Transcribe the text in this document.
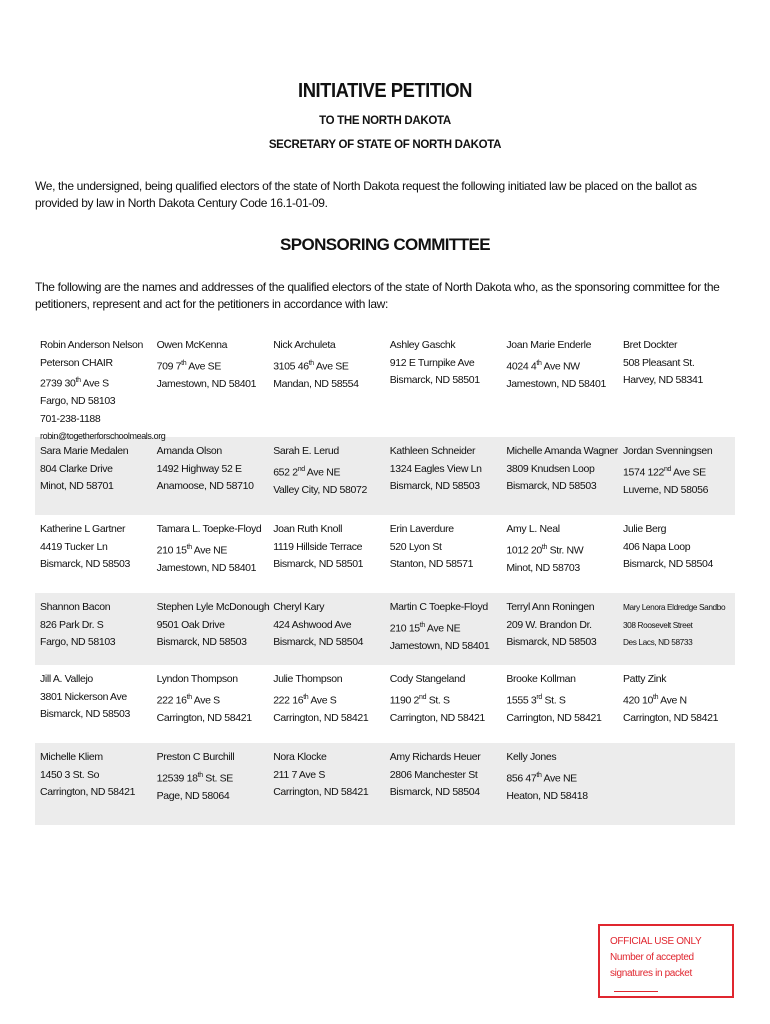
INITIATIVE PETITION
TO THE NORTH DAKOTA
SECRETARY OF STATE OF NORTH DAKOTA
We, the undersigned, being qualified electors of the state of North Dakota request the following initiated law be placed on the ballot as provided by law in North Dakota Century Code 16.1-01-09.
SPONSORING COMMITTEE
The following are the names and addresses of the qualified electors of the state of North Dakota who, as the sponsoring committee for the petitioners, represent and act for the petitioners in accordance with law:
Robin Anderson Nelson
Peterson CHAIR
2739 30th Ave S
Fargo, ND 58103
701-238-1188
robin@togetherforschoolmeals.org
Owen McKenna
709 7th Ave SE
Jamestown, ND 58401
Nick Archuleta
3105 46th Ave SE
Mandan, ND 58554
Ashley Gaschk
912 E Turnpike Ave
Bismarck, ND 58501
Joan Marie Enderle
4024 4th Ave NW
Jamestown, ND 58401
Bret Dockter
508 Pleasant St.
Harvey, ND 58341
Sara Marie Medalen
804 Clarke Drive
Minot, ND 58701
Amanda Olson
1492 Highway 52 E
Anamoose, ND 58710
Sarah E. Lerud
652 2nd Ave NE
Valley City, ND 58072
Kathleen Schneider
1324 Eagles View Ln
Bismarck, ND 58503
Michelle Amanda Wagner
3809 Knudsen Loop
Bismarck, ND 58503
Jordan Svenningsen
1574 122nd Ave SE
Luverne, ND 58056
Katherine L Gartner
4419 Tucker Ln
Bismarck, ND 58503
Tamara L. Toepke-Floyd
210 15th Ave NE
Jamestown, ND 58401
Joan Ruth Knoll
1119 Hillside Terrace
Bismarck, ND 58501
Erin Laverdure
520 Lyon St
Stanton, ND 58571
Amy L. Neal
1012 20th Str. NW
Minot, ND 58703
Julie Berg
406 Napa Loop
Bismarck, ND 58504
Shannon Bacon
826 Park Dr. S
Fargo, ND 58103
Stephen Lyle McDonough
9501 Oak Drive
Bismarck, ND 58503
Cheryl Kary
424 Ashwood Ave
Bismarck, ND 58504
Martin C Toepke-Floyd
210 15th Ave NE
Jamestown, ND 58401
Terryl Ann Roningen
209 W. Brandon Dr.
Bismarck, ND 58503
Mary Lenora Eldredge Sandbo
308 Roosevelt Street
Des Lacs, ND 58733
Jill A. Vallejo
3801 Nickerson Ave
Bismarck, ND 58503
Lyndon Thompson
222 16th Ave S
Carrington, ND 58421
Julie Thompson
222 16th Ave S
Carrington, ND 58421
Cody Stangeland
1190 2nd St. S
Carrington, ND 58421
Brooke Kollman
1555 3rd St. S
Carrington, ND 58421
Patty Zink
420 10th Ave N
Carrington, ND 58421
Michelle Kliem
1450 3 St. So
Carrington, ND 58421
Preston C Burchill
12539 18th St. SE
Page, ND 58064
Nora Klocke
211 7 Ave S
Carrington, ND 58421
Amy Richards Heuer
2806 Manchester St
Bismarck, ND 58504
Kelly Jones
856 47th Ave NE
Heaton, ND 58418
OFFICIAL USE ONLY
Number of accepted
signatures in packet
